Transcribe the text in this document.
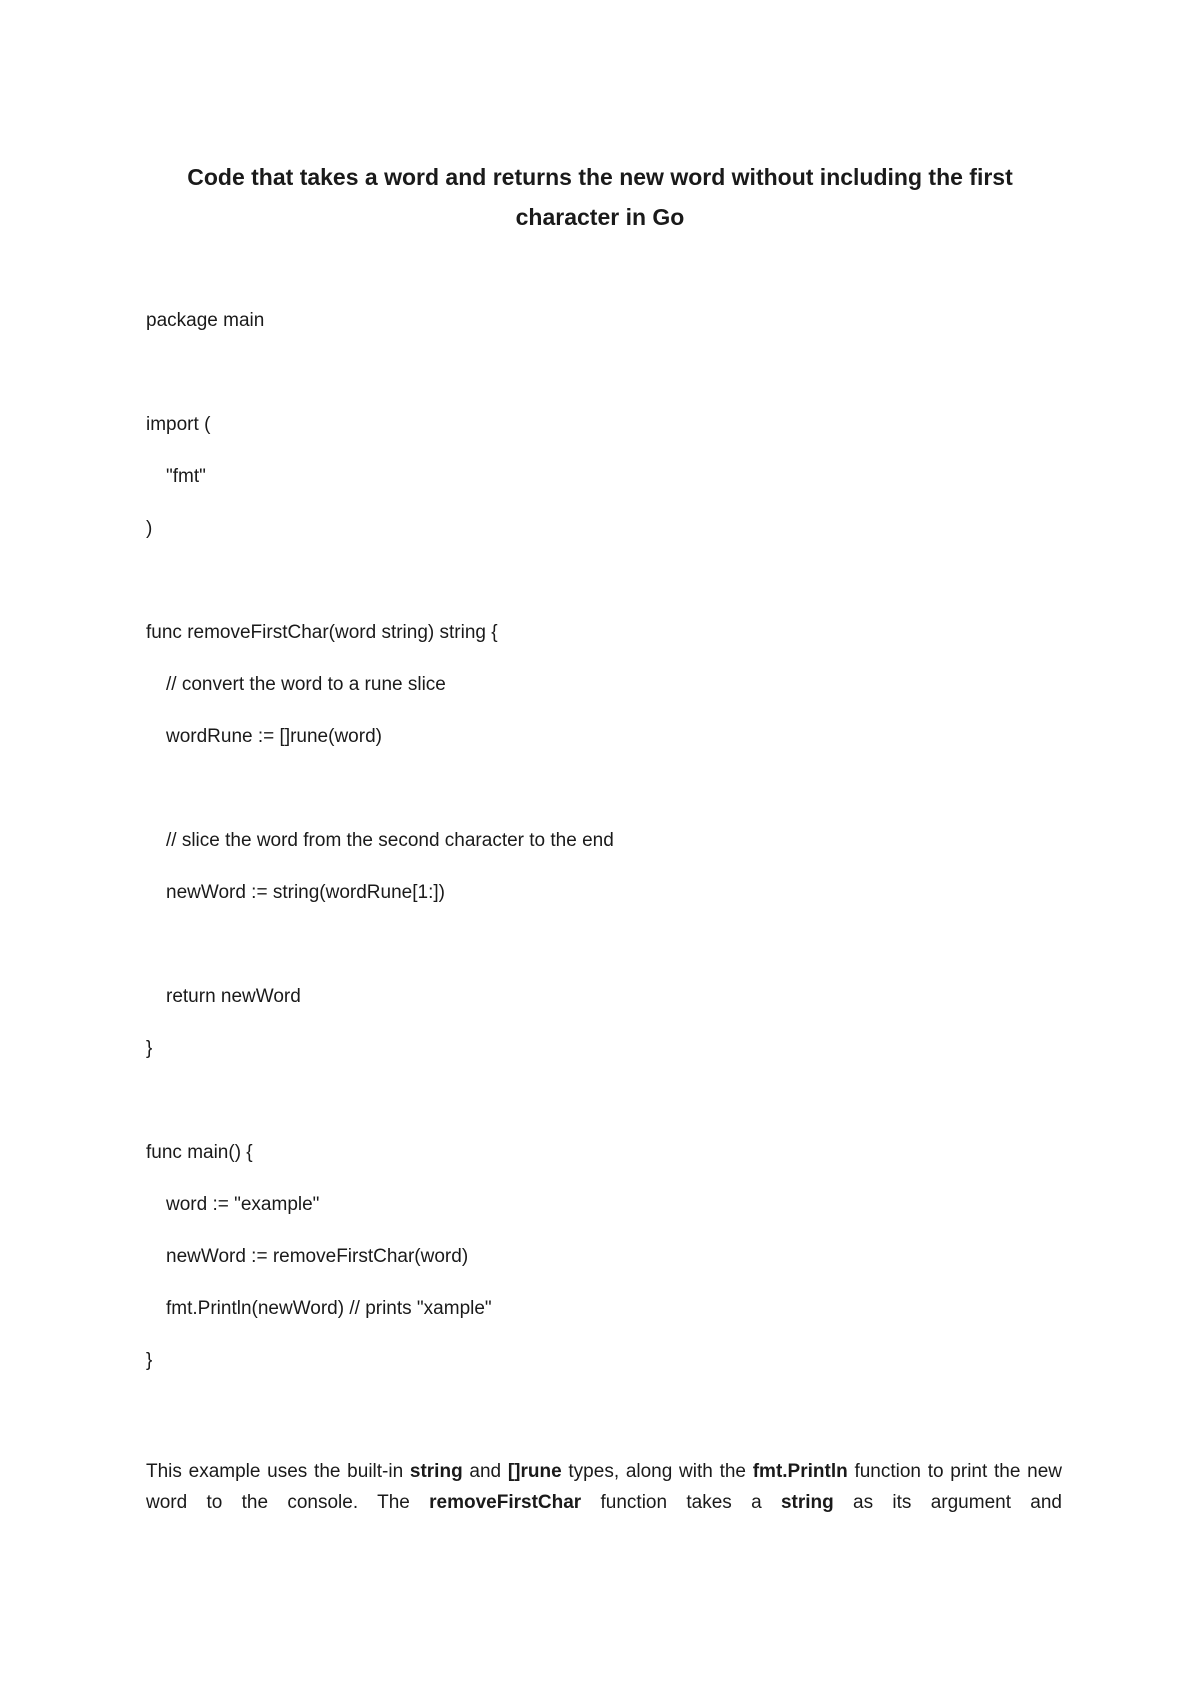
Code that takes a word and returns the new word without including the first
character in Go
package main
import (
"fmt"
)
func removeFirstChar(word string) string {
// convert the word to a rune slice
wordRune := []rune(word)
// slice the word from the second character to the end
newWord := string(wordRune[1:])
return newWord
}
func main() {
word := "example"
newWord := removeFirstChar(word)
fmt.Println(newWord) // prints "xample"
}

This example uses the built-in string and []rune types, along with the fmt.Println function to print the new word to the console. The removeFirstChar function takes a string as its argument and
